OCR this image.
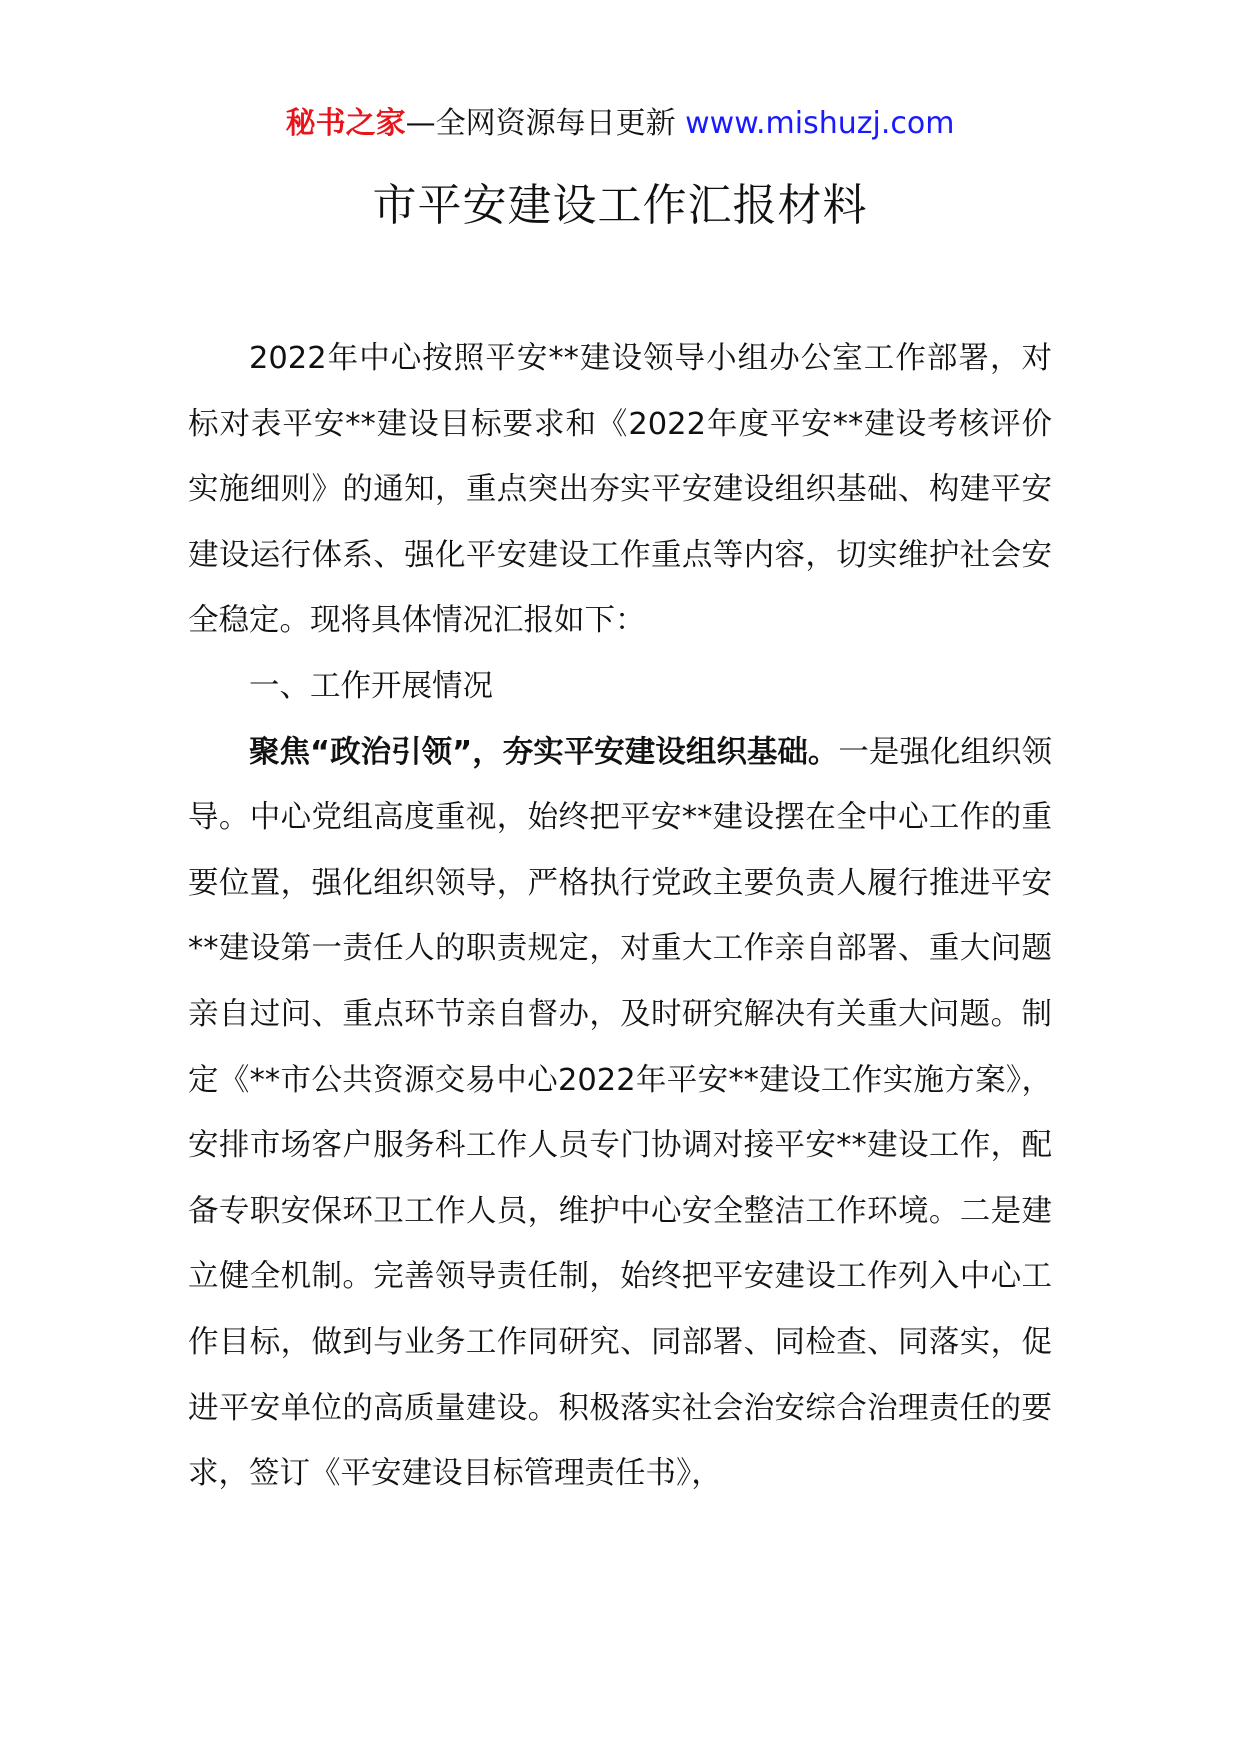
秘书之家—全网资源每日更新 www.mishuzj.com
市平安建设工作汇报材料

2022年中心按照平安**建设领导小组办公室工作部署，对标对表平安**建设目标要求和《2022年度平安**建设考核评价实施细则》的通知，重点突出夯实平安建设组织基础、构建平安建设运行体系、强化平安建设工作重点等内容，切实维护社会安全稳定。现将具体情况汇报如下：

一、工作开展情况

聚焦“政治引领”，夯实平安建设组织基础。一是强化组织领导。中心党组高度重视，始终把平安**建设摆在全中心工作的重要位置，强化组织领导，严格执行党政主要负责人履行推进平安**建设第一责任人的职责规定，对重大工作亲自部署、重大问题亲自过问、重点环节亲自督办，及时研究解决有关重大问题。制定《**市公共资源交易中心2022年平安**建设工作实施方案》，安排市场客户服务科工作人员专门协调对接平安**建设工作，配备专职安保环卫工作人员，维护中心安全整洁工作环境。二是建立健全机制。完善领导责任制，始终把平安建设工作列入中心工作目标，做到与业务工作同研究、同部署、同检查、同落实，促进平安单位的高质量建设。积极落实社会治安综合治理责任的要求，签订《平安建设目标管理责任书》，
